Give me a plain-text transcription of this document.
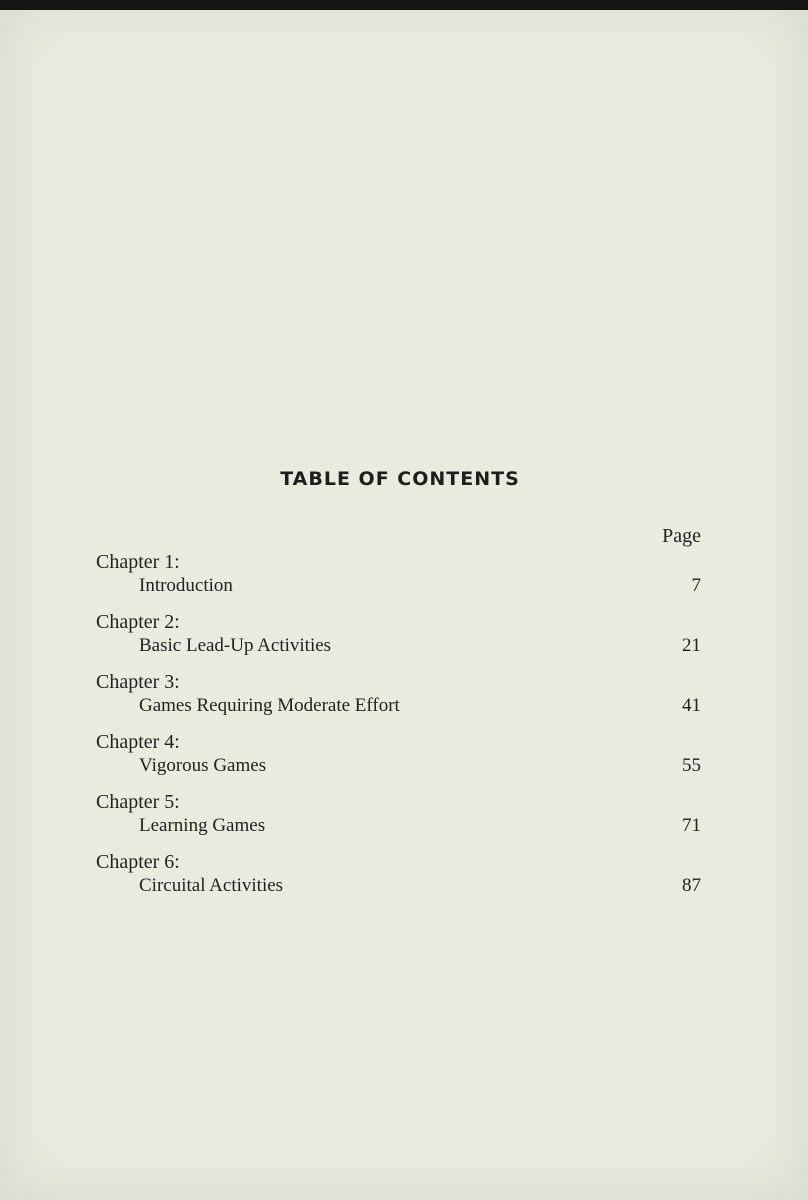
TABLE OF CONTENTS
Page
Chapter 1:
Introduction	7
Chapter 2:
Basic Lead-Up Activities	21
Chapter 3:
Games Requiring Moderate Effort	41
Chapter 4:
Vigorous Games	55
Chapter 5:
Learning Games	71
Chapter 6:
Circuital Activities	87
